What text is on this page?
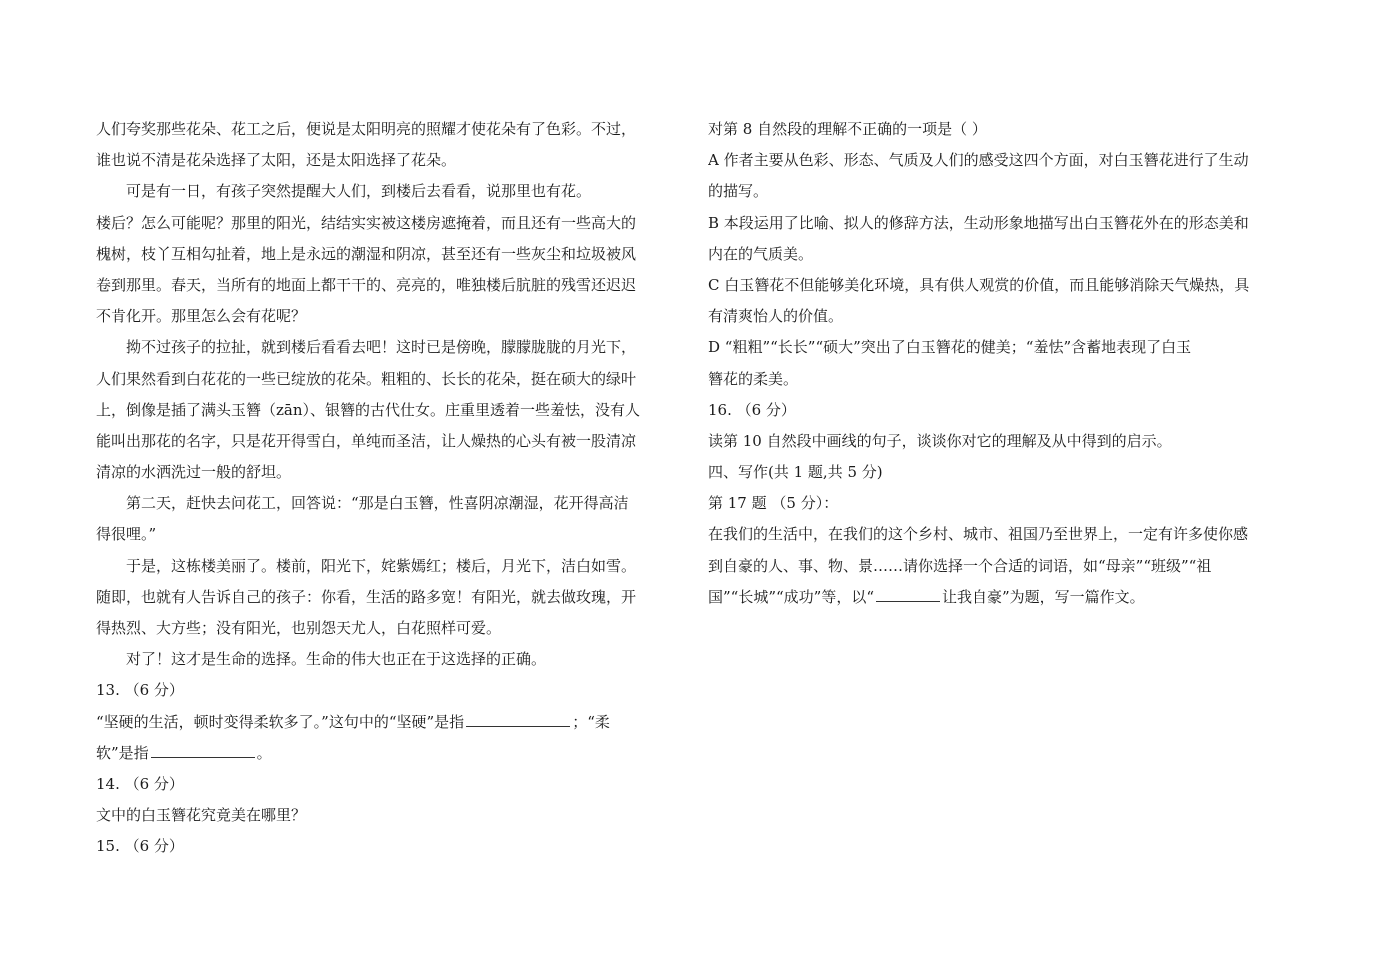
人们夸奖那些花朵、花工之后，便说是太阳明亮的照耀才使花朵有了色彩。不过，
谁也说不清是花朵选择了太阳，还是太阳选择了花朵。
可是有一日，有孩子突然提醒大人们，到楼后去看看，说那里也有花。
楼后？怎么可能呢？那里的阳光，结结实实被这楼房遮掩着，而且还有一些高大的
槐树，枝丫互相勾扯着，地上是永远的潮湿和阴凉，甚至还有一些灰尘和垃圾被风
卷到那里。春天，当所有的地面上都干干的、亮亮的，唯独楼后肮脏的残雪还迟迟
不肯化开。那里怎么会有花呢？
拗不过孩子的拉扯，就到楼后看看去吧！这时已是傍晚，朦朦胧胧的月光下，
人们果然看到白花花的一些已绽放的花朵。粗粗的、长长的花朵，挺在硕大的绿叶
上，倒像是插了满头玉簪（zān）、银簪的古代仕女。庄重里透着一些羞怯，没有人
能叫出那花的名字，只是花开得雪白，单纯而圣洁，让人燥热的心头有被一股清凉
清凉的水洒洗过一般的舒坦。
第二天，赶快去问花工，回答说：“那是白玉簪，性喜阴凉潮湿，花开得高洁
得很哩。”
于是，这栋楼美丽了。楼前，阳光下，姹紫嫣红；楼后，月光下，洁白如雪。
随即，也就有人告诉自己的孩子：你看，生活的路多宽！有阳光，就去做玫瑰，开
得热烈、大方些；没有阳光，也别怨天尤人，白花照样可爱。
对了！这才是生命的选择。生命的伟大也正在于这选择的正确。
13. （6 分）
“坚硬的生活，顿时变得柔软多了。”这句中的“坚硬”是指	；“柔
软”是指	。
14. （6 分）
文中的白玉簪花究竟美在哪里？
15. （6 分）
对第 8 自然段的理解不正确的一项是（ ）
A 作者主要从色彩、形态、气质及人们的感受这四个方面，对白玉簪花进行了生动
的描写。
B 本段运用了比喻、拟人的修辞方法，生动形象地描写出白玉簪花外在的形态美和
内在的气质美。
C 白玉簪花不但能够美化环境，具有供人观赏的价值，而且能够消除天气燥热，具
有清爽怡人的价值。
D “粗粗”“长长”“硕大”突出了白玉簪花的健美；“羞怯”含蓄地表现了白玉
簪花的柔美。
16. （6 分）
读第 10 自然段中画线的句子，谈谈你对它的理解及从中得到的启示。
四、写作(共 1 题,共 5 分)
第 17 题 （5 分）：
在我们的生活中，在我们的这个乡村、城市、祖国乃至世界上，一定有许多使你感
到自豪的人、事、物、景……请你选择一个合适的词语，如“母亲”“班级”“祖
国”“长城”“成功”等，以“	让我自豪”为题，写一篇作文。
